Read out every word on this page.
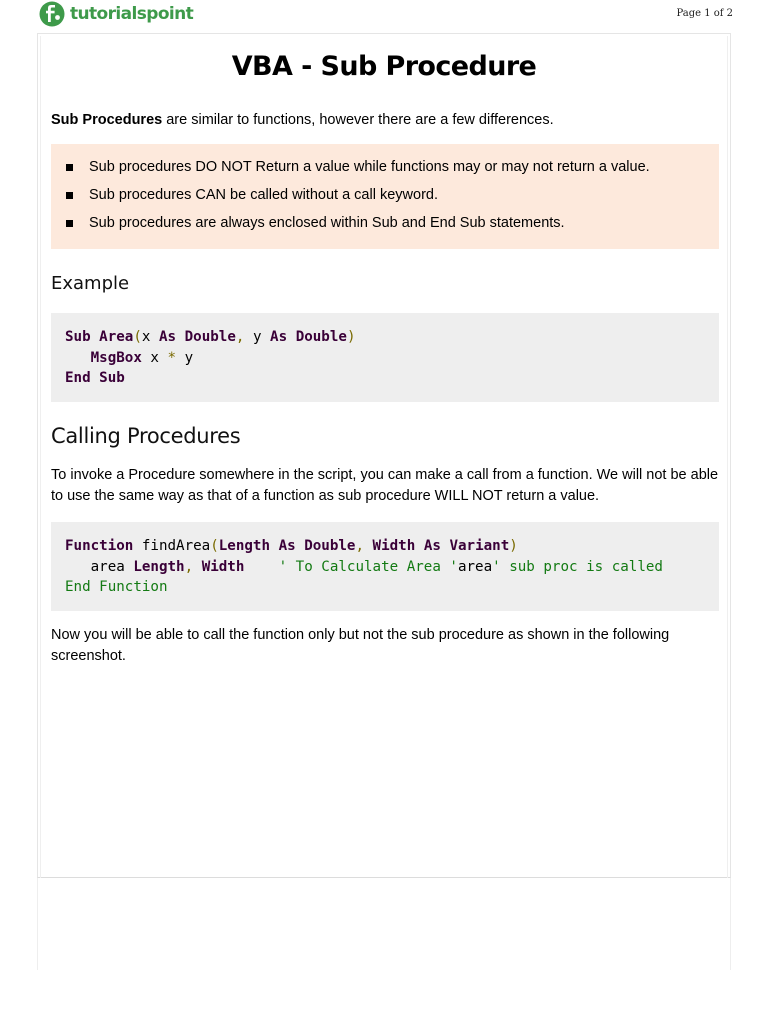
tutorialspoint	Page 1 of 2
VBA - Sub Procedure
Sub Procedures are similar to functions, however there are a few differences.
Sub procedures DO NOT Return a value while functions may or may not return a value.
Sub procedures CAN be called without a call keyword.
Sub procedures are always enclosed within Sub and End Sub statements.
Example
Sub Area(x As Double, y As Double)
MsgBox x * y
End Sub
Calling Procedures
To invoke a Procedure somewhere in the script, you can make a call from a function. We will not be able to use the same way as that of a function as sub procedure WILL NOT return a value.
Function findArea(Length As Double, Width As Variant)
area Length, Width ' To Calculate Area 'area' sub proc is called
End Function
Now you will be able to call the function only but not the sub procedure as shown in the following screenshot.
